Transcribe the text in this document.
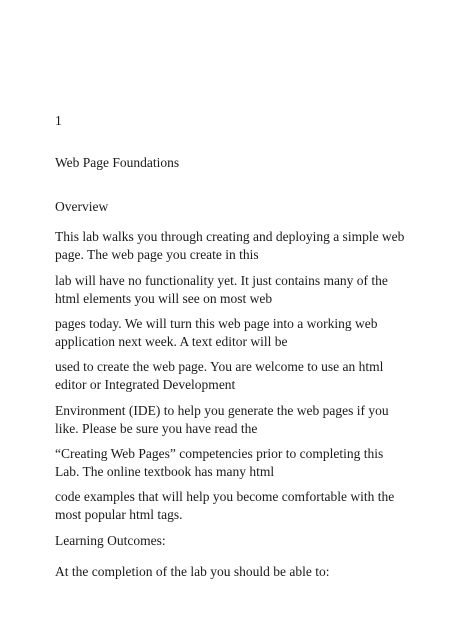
1
Web Page Foundations
Overview
This lab walks you through creating and deploying a simple web
page. The web page you create in this
lab will have no functionality yet. It just contains many of the
html elements you will see on most web
pages today. We will turn this web page into a working web
application next week. A text editor will be
used to create the web page. You are welcome to use an html
editor or Integrated Development
Environment (IDE) to help you generate the web pages if you
like. Please be sure you have read the
“Creating Web Pages” competencies prior to completing this
Lab. The online textbook has many html
code examples that will help you become comfortable with the
most popular html tags.
Learning Outcomes:
At the completion of the lab you should be able to:
